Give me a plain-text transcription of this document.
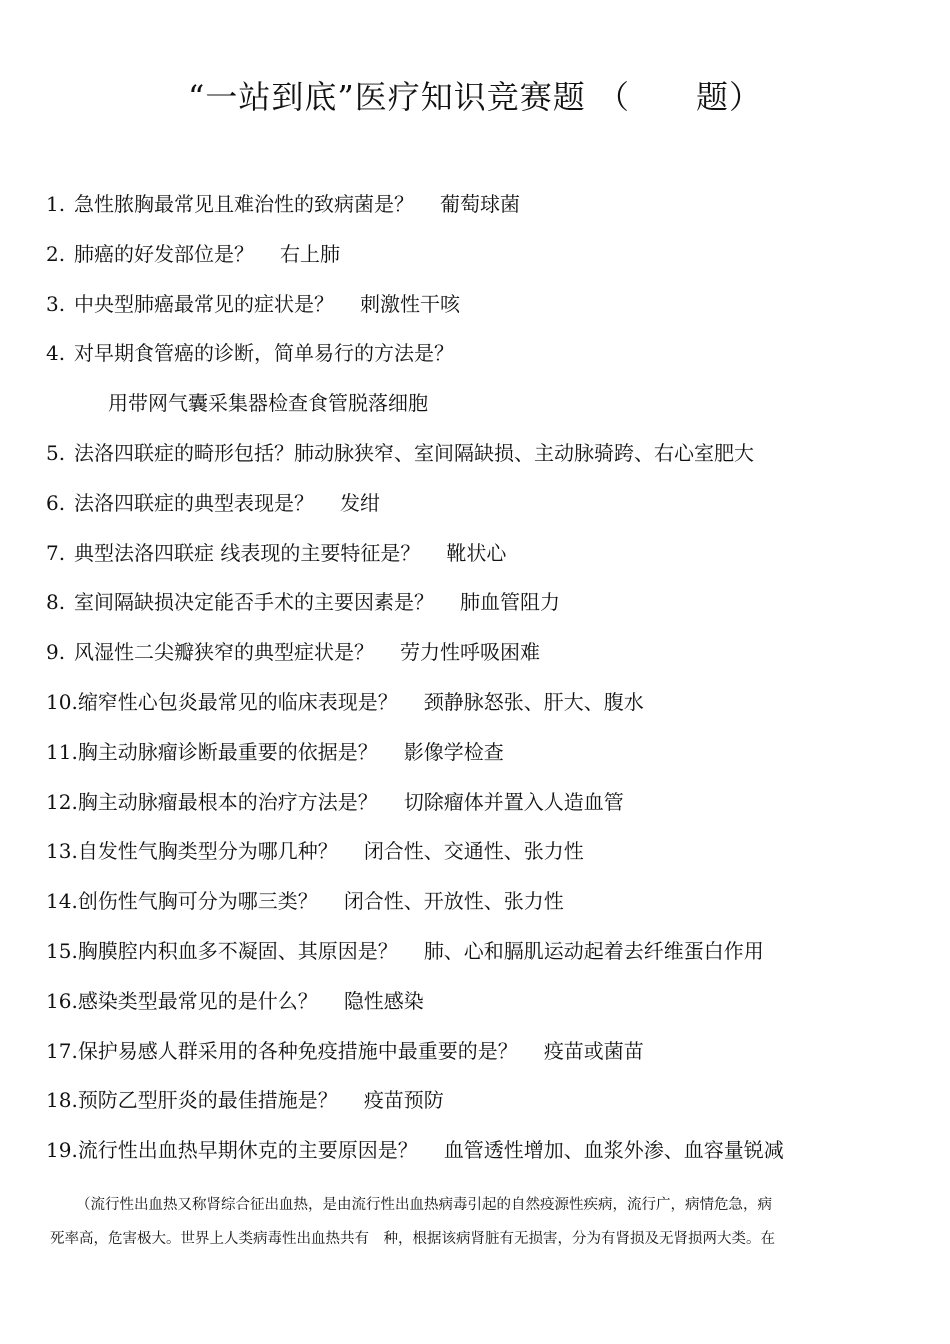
“一站到底”医疗知识竞赛题 （　　题）
1. 急性脓胸最常见且难治性的致病菌是？ 葡萄球菌
2. 肺癌的好发部位是？ 右上肺
3. 中央型肺癌最常见的症状是？ 刺激性干咳
4. 对早期食管癌的诊断，简单易行的方法是？
用带网气囊采集器检查食管脱落细胞
5. 法洛四联症的畸形包括？肺动脉狭窄、室间隔缺损、主动脉骑跨、右心室肥大
6. 法洛四联症的典型表现是？ 发绀
7. 典型法洛四联症 线表现的主要特征是？ 靴状心
8. 室间隔缺损决定能否手术的主要因素是？ 肺血管阻力
9. 风湿性二尖瓣狭窄的典型症状是？ 劳力性呼吸困难
10.缩窄性心包炎最常见的临床表现是？ 颈静脉怒张、肝大、腹水
11.胸主动脉瘤诊断最重要的依据是？ 影像学检查
12.胸主动脉瘤最根本的治疗方法是？ 切除瘤体并置入人造血管
13.自发性气胸类型分为哪几种？ 闭合性、交通性、张力性
14.创伤性气胸可分为哪三类？ 闭合性、开放性、张力性
15.胸膜腔内积血多不凝固、其原因是？ 肺、心和膈肌运动起着去纤维蛋白作用
16.感染类型最常见的是什么？ 隐性感染
17.保护易感人群采用的各种免疫措施中最重要的是？ 疫苗或菌苗
18.预防乙型肝炎的最佳措施是？ 疫苗预防
19.流行性出血热早期休克的主要原因是？ 血管透性增加、血浆外渗、血容量锐减
（流行性出血热又称肾综合征出血热，是由流行性出血热病毒引起的自然疫源性疾病，流行广，病情危急，病
死率高，危害极大。世界上人类病毒性出血热共有　种，根据该病肾脏有无损害，分为有肾损及无肾损两大类。在
